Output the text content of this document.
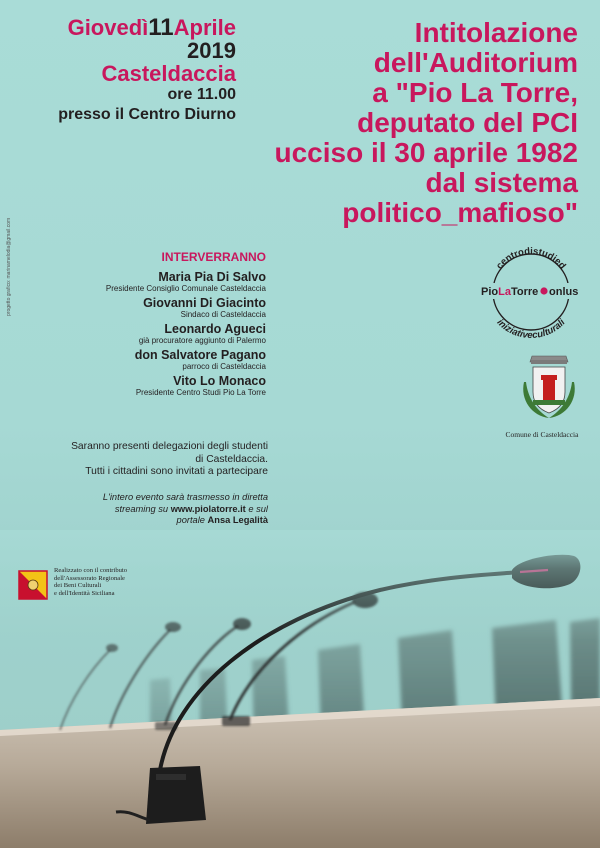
Giovedì11Aprile
2019
Casteldaccia
ore 11.00
presso il Centro Diurno
Intitolazione
dell'Auditorium
a "Pio La Torre,
deputato del PCI
ucciso il 30 aprile 1982
dal sistema
politico_mafioso"
progetto grafico: marinamelodia@gmail.com	INTERVERRANNO
Maria Pia Di Salvo
Presidente Consiglio Comunale Casteldaccia
Giovanni Di Giacinto
Sindaco di Casteldaccia
Leonardo Agueci
già procuratore aggiunto di Palermo
don Salvatore Pagano
parroco di Casteldaccia
Vito Lo Monaco
Presidente Centro Studi Pio La Torre
centrodistudied
iniziativeculturali
PioLaTorre onlus
Comune di Casteldaccia
Saranno presenti delegazioni degli studenti
di Casteldaccia.
Tutti i cittadini sono invitati a partecipare
L'intero evento sarà trasmesso in diretta
streaming su www.piolatorre.it e sul
portale Ansa Legalità
Realizzato con il contributo
dell'Assessorato Regionale
dei Beni Culturali
e dell'Identità Siciliana
